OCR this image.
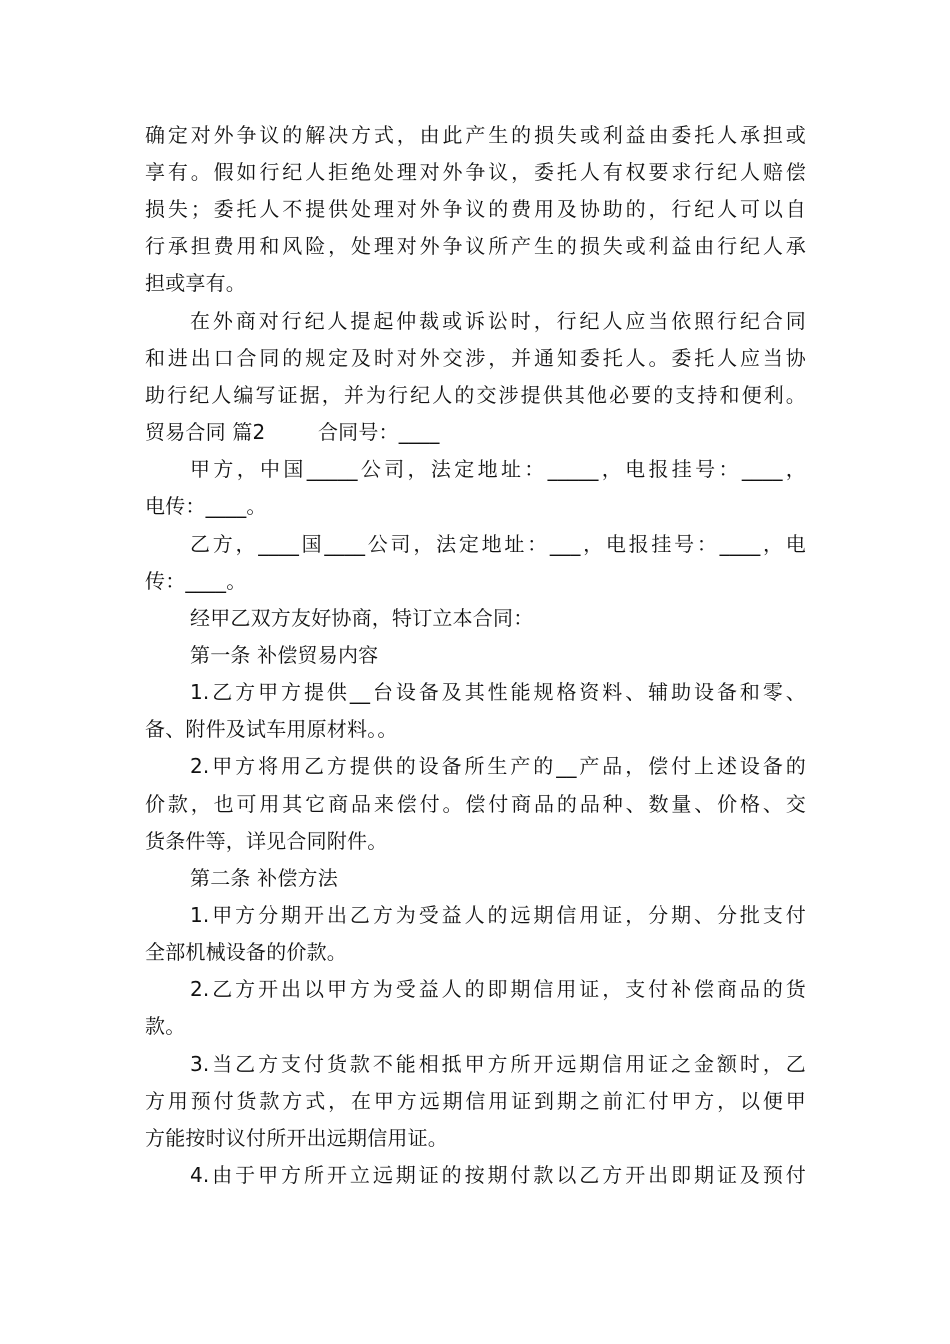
确定对外争议的解决方式，由此产生的损失或利益由委托人承担或
享有。假如行纪人拒绝处理对外争议，委托人有权要求行纪人赔偿
损失；委托人不提供处理对外争议的费用及协助的，行纪人可以自
行承担费用和风险，处理对外争议所产生的损失或利益由行纪人承
担或享有。
在外商对行纪人提起仲裁或诉讼时，行纪人应当依照行纪合同
和进出口合同的规定及时对外交涉，并通知委托人。委托人应当协
助行纪人编写证据，并为行纪人的交涉提供其他必要的支持和便利。
贸易合同 篇2        合同号：____
甲方，中国_____公司，法定地址：_____，电报挂号：____，
电传：____。
乙方，____国____公司，法定地址：___，电报挂号：____，电
传：____。
经甲乙双方友好协商，特订立本合同：
第一条 补偿贸易内容
1.乙方甲方提供__台设备及其性能规格资料、辅助设备和零、
备、附件及试车用原材料。。
2.甲方将用乙方提供的设备所生产的__产品，偿付上述设备的
价款，也可用其它商品来偿付。偿付商品的品种、数量、价格、交
货条件等，详见合同附件。
第二条 补偿方法
1.甲方分期开出乙方为受益人的远期信用证，分期、分批支付
全部机械设备的价款。
2.乙方开出以甲方为受益人的即期信用证，支付补偿商品的货
款。
3.当乙方支付货款不能相抵甲方所开远期信用证之金额时，乙
方用预付货款方式，在甲方远期信用证到期之前汇付甲方，以便甲
方能按时议付所开出远期信用证。
4.由于甲方所开立远期证的按期付款以乙方开出即期证及预付
